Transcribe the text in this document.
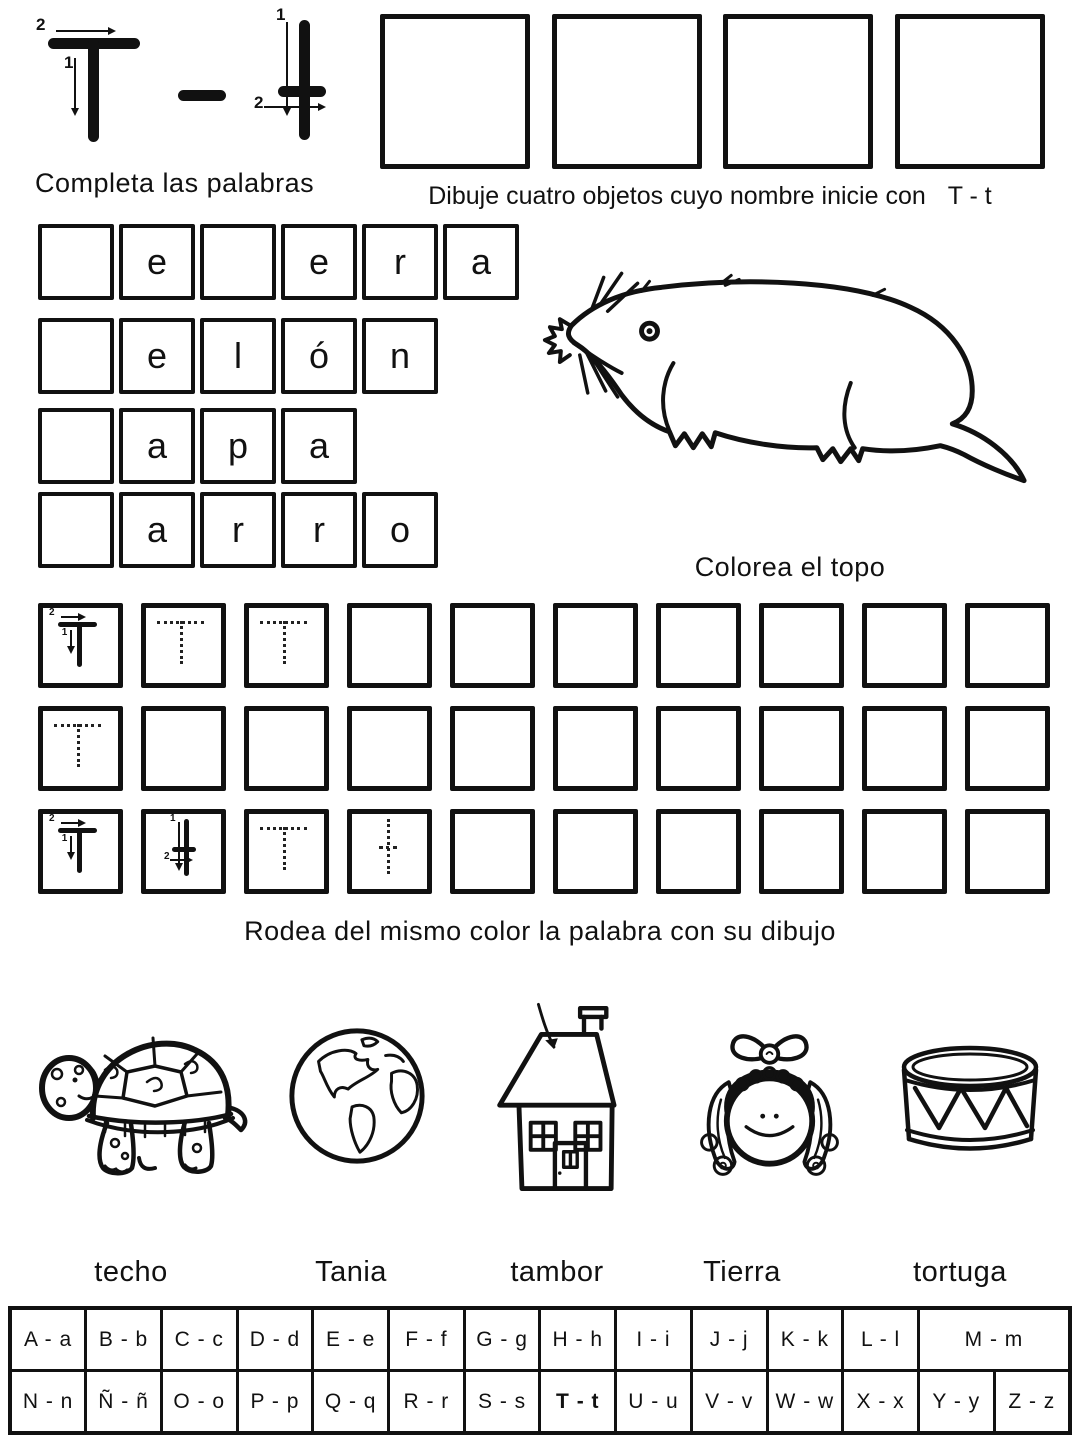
2
1
1
2
Completa las palabras	Dibuje cuatro objetos cuyo nombre inicie con T - t
e	e	r	a
e	l	ó	n
a	p	a
a	r	r	o
Colorea el topo
2
1
2
1
1
2
Rodea del mismo color la palabra con su dibujo
techo	Tania	tambor	Tierra	tortuga
A - a	B - b	C - c	D - d	E - e	F - f	G - g	H - h	I - i	J - j	K - k	L - l	M - m	
N - n	Ñ - ñ	O - o	P - p	Q - q	R - r	S - s	T - t	U - u	V - v	W - w	X - x	Y - y	Z - z
